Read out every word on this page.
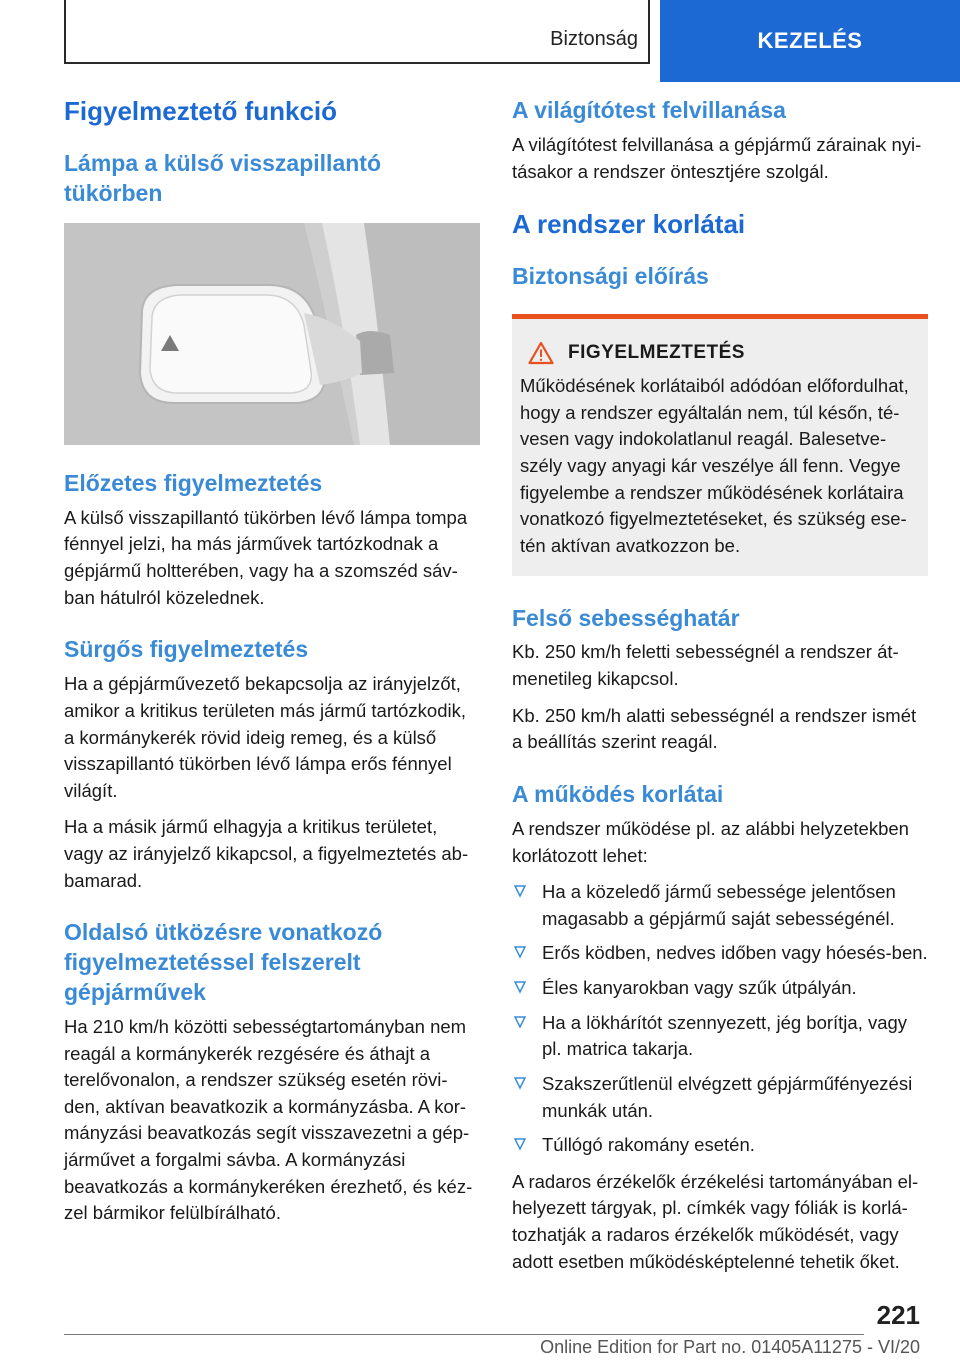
Biztonság	KEZELÉS
Figyelmeztető funkció
Lámpa a külső visszapillantó tükörben
Előzetes figyelmeztetés

A külső visszapillantó tükörben lévő lámpa tompa fénnyel jelzi, ha más járművek tartózkodnak a gépjármű holtterében, vagy ha a szomszéd sáv-ban hátulról közelednek.

Sürgős figyelmeztetés

Ha a gépjárművezető bekapcsolja az irányjelzőt, amikor a kritikus területen más jármű tartózkodik, a kormánykerék rövid ideig remeg, és a külső visszapillantó tükörben lévő lámpa erős fénnyel világít.

Ha a másik jármű elhagyja a kritikus területet, vagy az irányjelző kikapcsol, a figyelmeztetés ab-bamarad.

Oldalsó ütközésre vonatkozó figyelmeztetéssel felszerelt gépjárművek

Ha 210 km/h közötti sebességtartományban nem reagál a kormánykerék rezgésére és áthajt a terelővonalon, a rendszer szükség esetén rövi-den, aktívan beavatkozik a kormányzásba. A kor-mányzási beavatkozás segít visszavezetni a gép-járművet a forgalmi sávba. A kormányzási beavatkozás a kormánykeréken érezhető, és kéz-zel bármikor felülbírálható.

A világítótest felvillanása

A világítótest felvillanása a gépjármű zárainak nyi-tásakor a rendszer öntesztjére szolgál.

A rendszer korlátai
Biztonsági előírás
FIGYELMEZTETÉS

Működésének korlátaiból adódóan előfordulhat, hogy a rendszer egyáltalán nem, túl későn, té-vesen vagy indokolatlanul reagál. Balesetve-szély vagy anyagi kár veszélye áll fenn. Vegye figyelembe a rendszer működésének korlátaira vonatkozó figyelmeztetéseket, és szükség ese-tén aktívan avatkozzon be.

Felső sebességhatár

Kb. 250 km/h feletti sebességnél a rendszer át-menetileg kikapcsol.

Kb. 250 km/h alatti sebességnél a rendszer ismét a beállítás szerint reagál.

A működés korlátai

A rendszer működése pl. az alábbi helyzetekben korlátozott lehet:

Ha a közeledő jármű sebessége jelentősen magasabb a gépjármű saját sebességénél.
Erős ködben, nedves időben vagy hóesés-ben.
Éles kanyarokban vagy szűk útpályán.
Ha a lökhárítót szennyezett, jég borítja, vagy pl. matrica takarja.
Szakszerűtlenül elvégzett gépjárműfényezési munkák után.
Túllógó rakomány esetén.

A radaros érzékelők érzékelési tartományában el-helyezett tárgyak, pl. címkék vagy fóliák is korlá-tozhatják a radaros érzékelők működését, vagy adott esetben működésképtelenné tehetik őket.

221
Online Edition for Part no. 01405A11275 - VI/20
